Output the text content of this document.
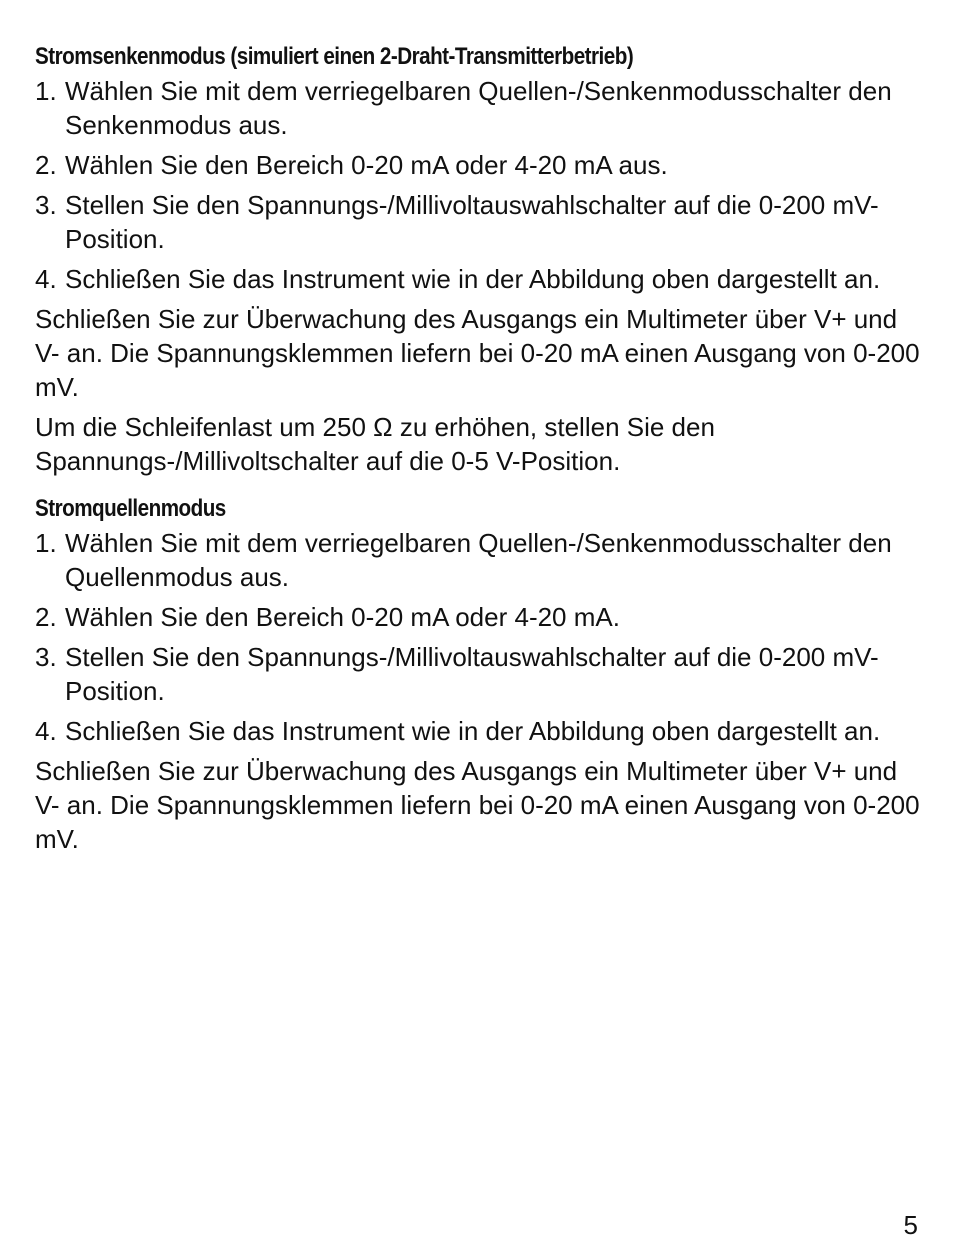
Stromsenkenmodus (simuliert einen 2-Draht-Transmitterbetrieb)
1. Wählen Sie mit dem verriegelbaren Quellen-/Senkenmodusschalter den Senkenmodus aus.
2. Wählen Sie den Bereich 0-20 mA oder 4-20 mA aus.
3. Stellen Sie den Spannungs-/Millivoltauswahlschalter auf die 0-200 mV-Position.
4. Schließen Sie das Instrument wie in der Abbildung oben dargestellt an.

Schließen Sie zur Überwachung des Ausgangs ein Multimeter über V+ und V- an. Die Spannungsklemmen liefern bei 0-20 mA einen Ausgang von 0-200 mV.

Um die Schleifenlast um 250 Ω zu erhöhen, stellen Sie den Spannungs-/Millivoltschalter auf die 0-5 V-Position.

Stromquellenmodus
1. Wählen Sie mit dem verriegelbaren Quellen-/Senkenmodusschalter den Quellenmodus aus.
2. Wählen Sie den Bereich 0-20 mA oder 4-20 mA.
3. Stellen Sie den Spannungs-/Millivoltauswahlschalter auf die 0-200 mV-Position.
4. Schließen Sie das Instrument wie in der Abbildung oben dargestellt an.

Schließen Sie zur Überwachung des Ausgangs ein Multimeter über V+ und V- an. Die Spannungsklemmen liefern bei 0-20 mA einen Ausgang von 0-200 mV.

5
